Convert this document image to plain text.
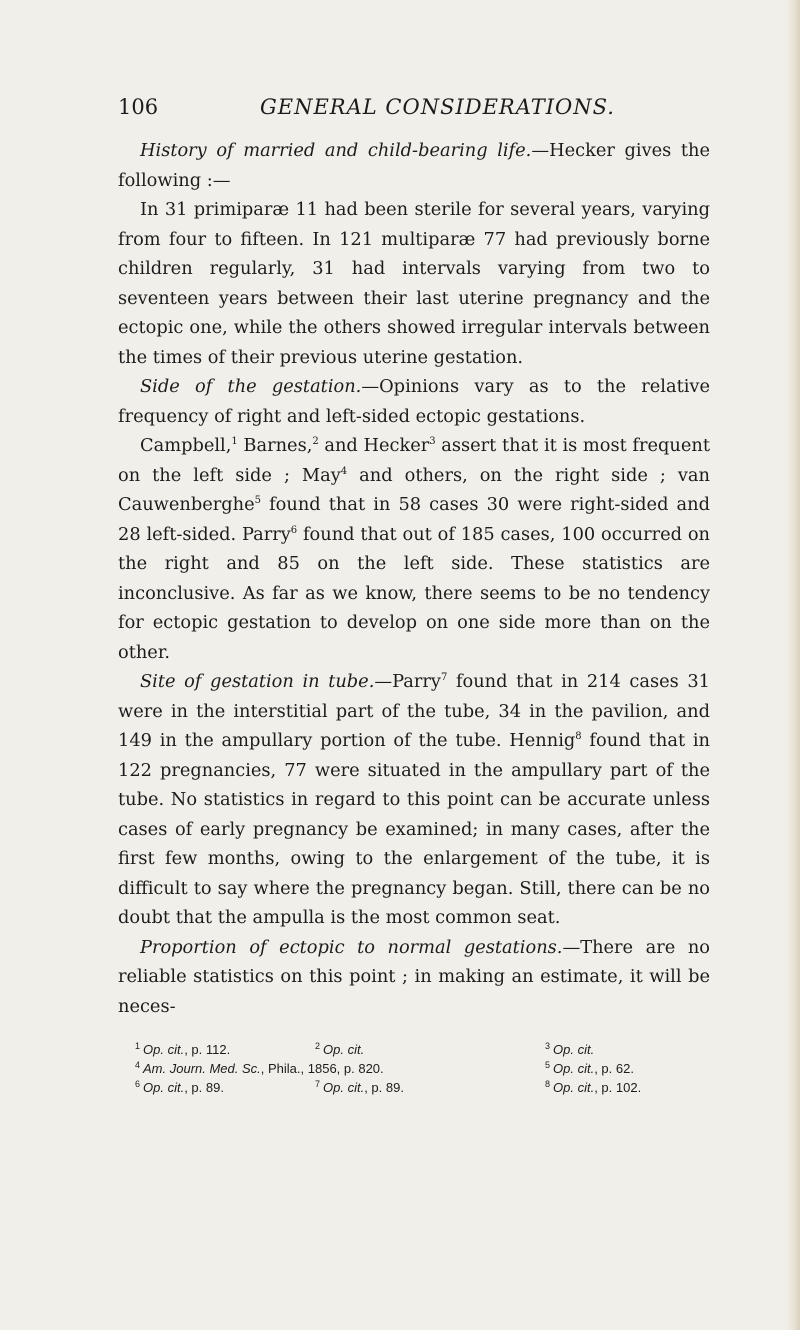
106	GENERAL CONSIDERATIONS.

History of married and child-bearing life.—Hecker gives the following :—

In 31 primiparæ 11 had been sterile for several years, varying from four to fifteen. In 121 multiparæ 77 had previously borne children regularly, 31 had intervals varying from two to seventeen years between their last uterine pregnancy and the ectopic one, while the others showed irregular intervals between the times of their previous uterine gestation.

Side of the gestation.—Opinions vary as to the relative frequency of right and left-sided ectopic gestations.

Campbell,$^1$ Barnes,$^2$ and Hecker$^3$ assert that it is most frequent on the left side ; May$^4$ and others, on the right side ; van Cauwenberghe$^5$ found that in 58 cases 30 were right-sided and 28 left-sided. Parry$^6$ found that out of 185 cases, 100 occurred on the right and 85 on the left side. These statistics are inconclusive. As far as we know, there seems to be no tendency for ectopic gestation to develop on one side more than on the other.

Site of gestation in tube.—Parry$^7$ found that in 214 cases 31 were in the interstitial part of the tube, 34 in the pavilion, and 149 in the ampullary portion of the tube. Hennig$^8$ found that in 122 pregnancies, 77 were situated in the ampullary part of the tube. No statistics in regard to this point can be accurate unless cases of early pregnancy be examined; in many cases, after the first few months, owing to the enlargement of the tube, it is difficult to say where the pregnancy began. Still, there can be no doubt that the ampulla is the most common seat.

Proportion of ectopic to normal gestations.—There are no reliable statistics on this point ; in making an estimate, it will be neces-

$^1$ Op. cit., p. 112.	$^2$ Op. cit.	$^3$ Op. cit.
$^4$ Am. Journ. Med. Sc., Phila., 1856, p. 820.	$^5$ Op. cit., p. 62.
$^6$ Op. cit., p. 89.	$^7$ Op. cit., p. 89.	$^8$ Op. cit., p. 102.
